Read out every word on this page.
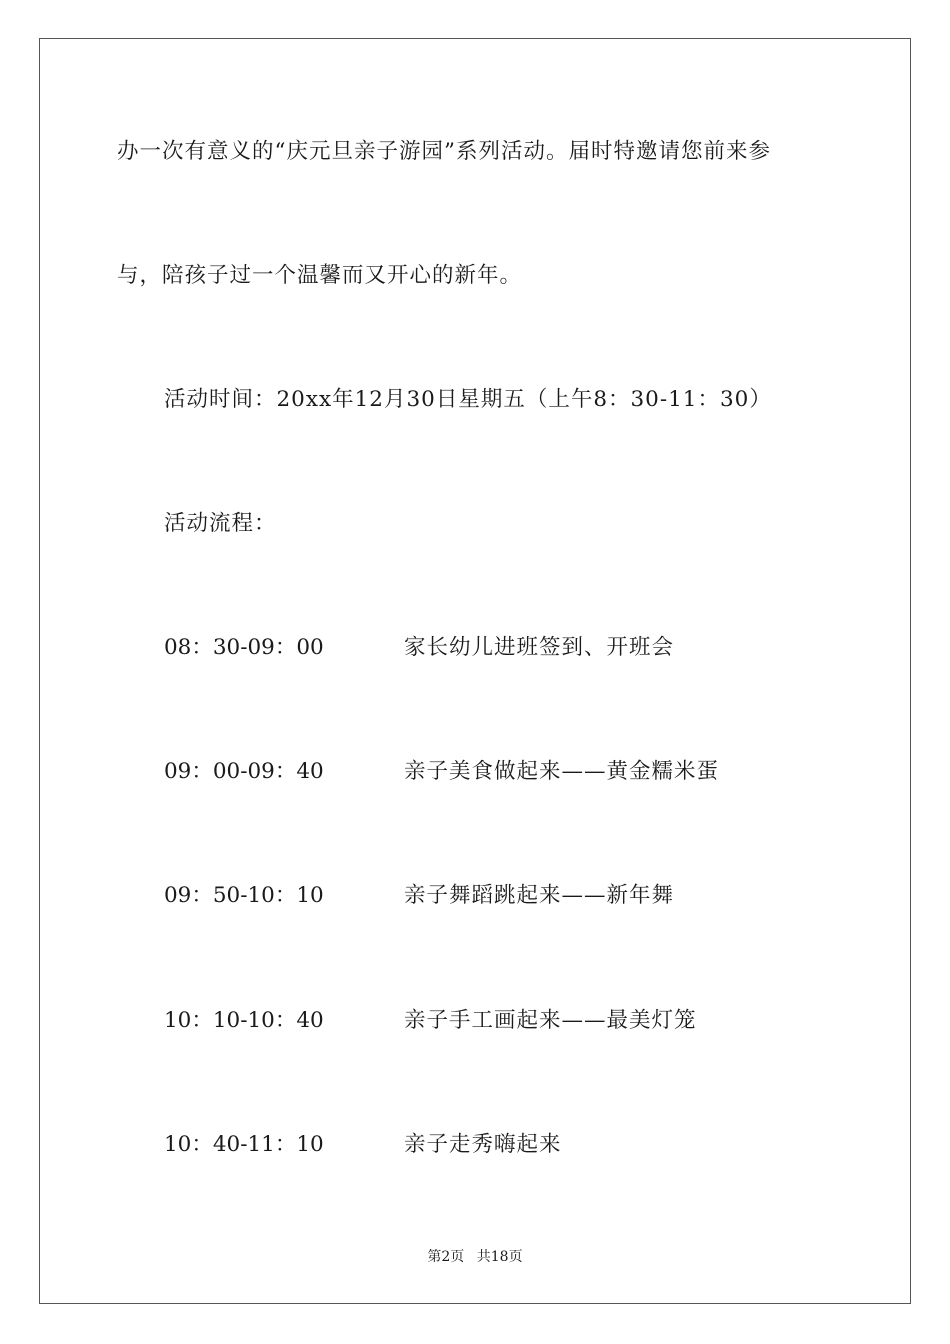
办一次有意义的“庆元旦亲子游园”系列活动。届时特邀请您前来参
与，陪孩子过一个温馨而又开心的新年。
活动时间：20xx年12月30日星期五（上午8：30-11：30）
活动流程：
08：30-09：00	家长幼儿进班签到、开班会
09：00-09：40	亲子美食做起来——黄金糯米蛋
09：50-10：10	亲子舞蹈跳起来——新年舞
10：10-10：40	亲子手工画起来——最美灯笼
10：40-11：10	亲子走秀嗨起来
第2页 共18页
